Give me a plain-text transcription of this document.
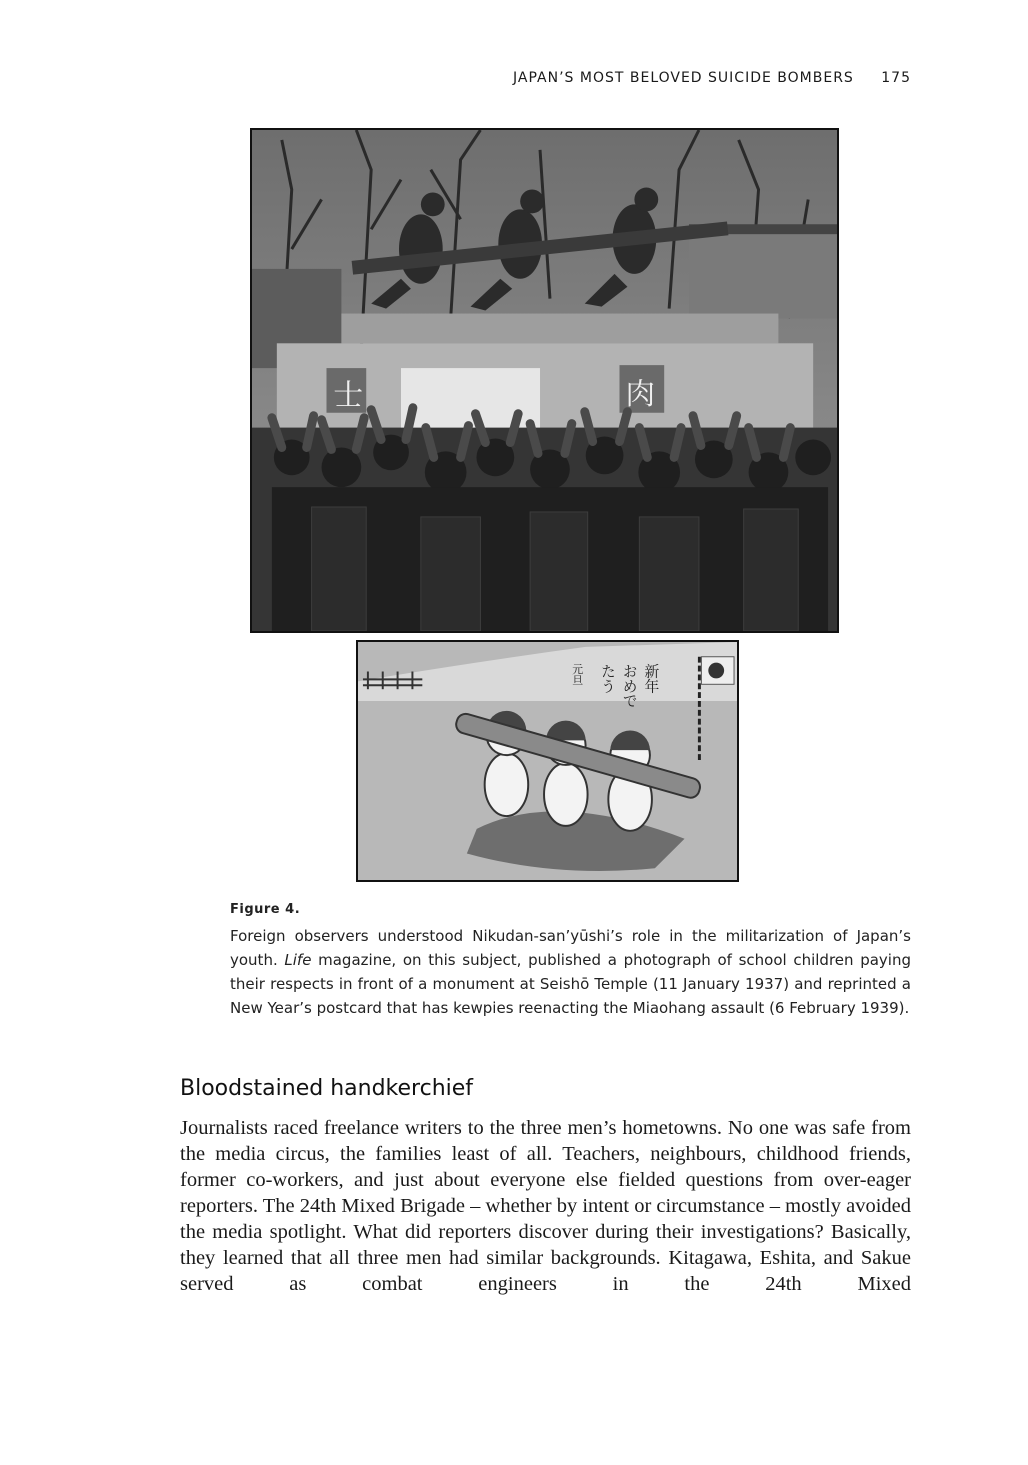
JAPAN’S MOST BELOVED SUICIDE BOMBERS 175
士	肉
新年
おめで
たう
元旦
Figure 4.
Foreign observers understood Nikudan-san’yūshi’s role in the militarization of Japan’s youth. Life magazine, on this subject, published a photograph of school children paying their respects in front of a monument at Seishō Temple (11 January 1937) and reprinted a New Year’s postcard that has kewpies reenacting the Miaohang assault (6 February 1939).
Bloodstained handkerchief
Journalists raced freelance writers to the three men’s hometowns. No one was safe from the media circus, the families least of all. Teachers, neighbours, childhood friends, former co-workers, and just about everyone else fielded questions from over-eager reporters. The 24th Mixed Brigade – whether by intent or circumstance – mostly avoided the media spotlight. What did reporters discover during their investigations? Basically, they learned that all three men had similar backgrounds. Kitagawa, Eshita, and Sakue served as combat engineers in the 24th Mixed
